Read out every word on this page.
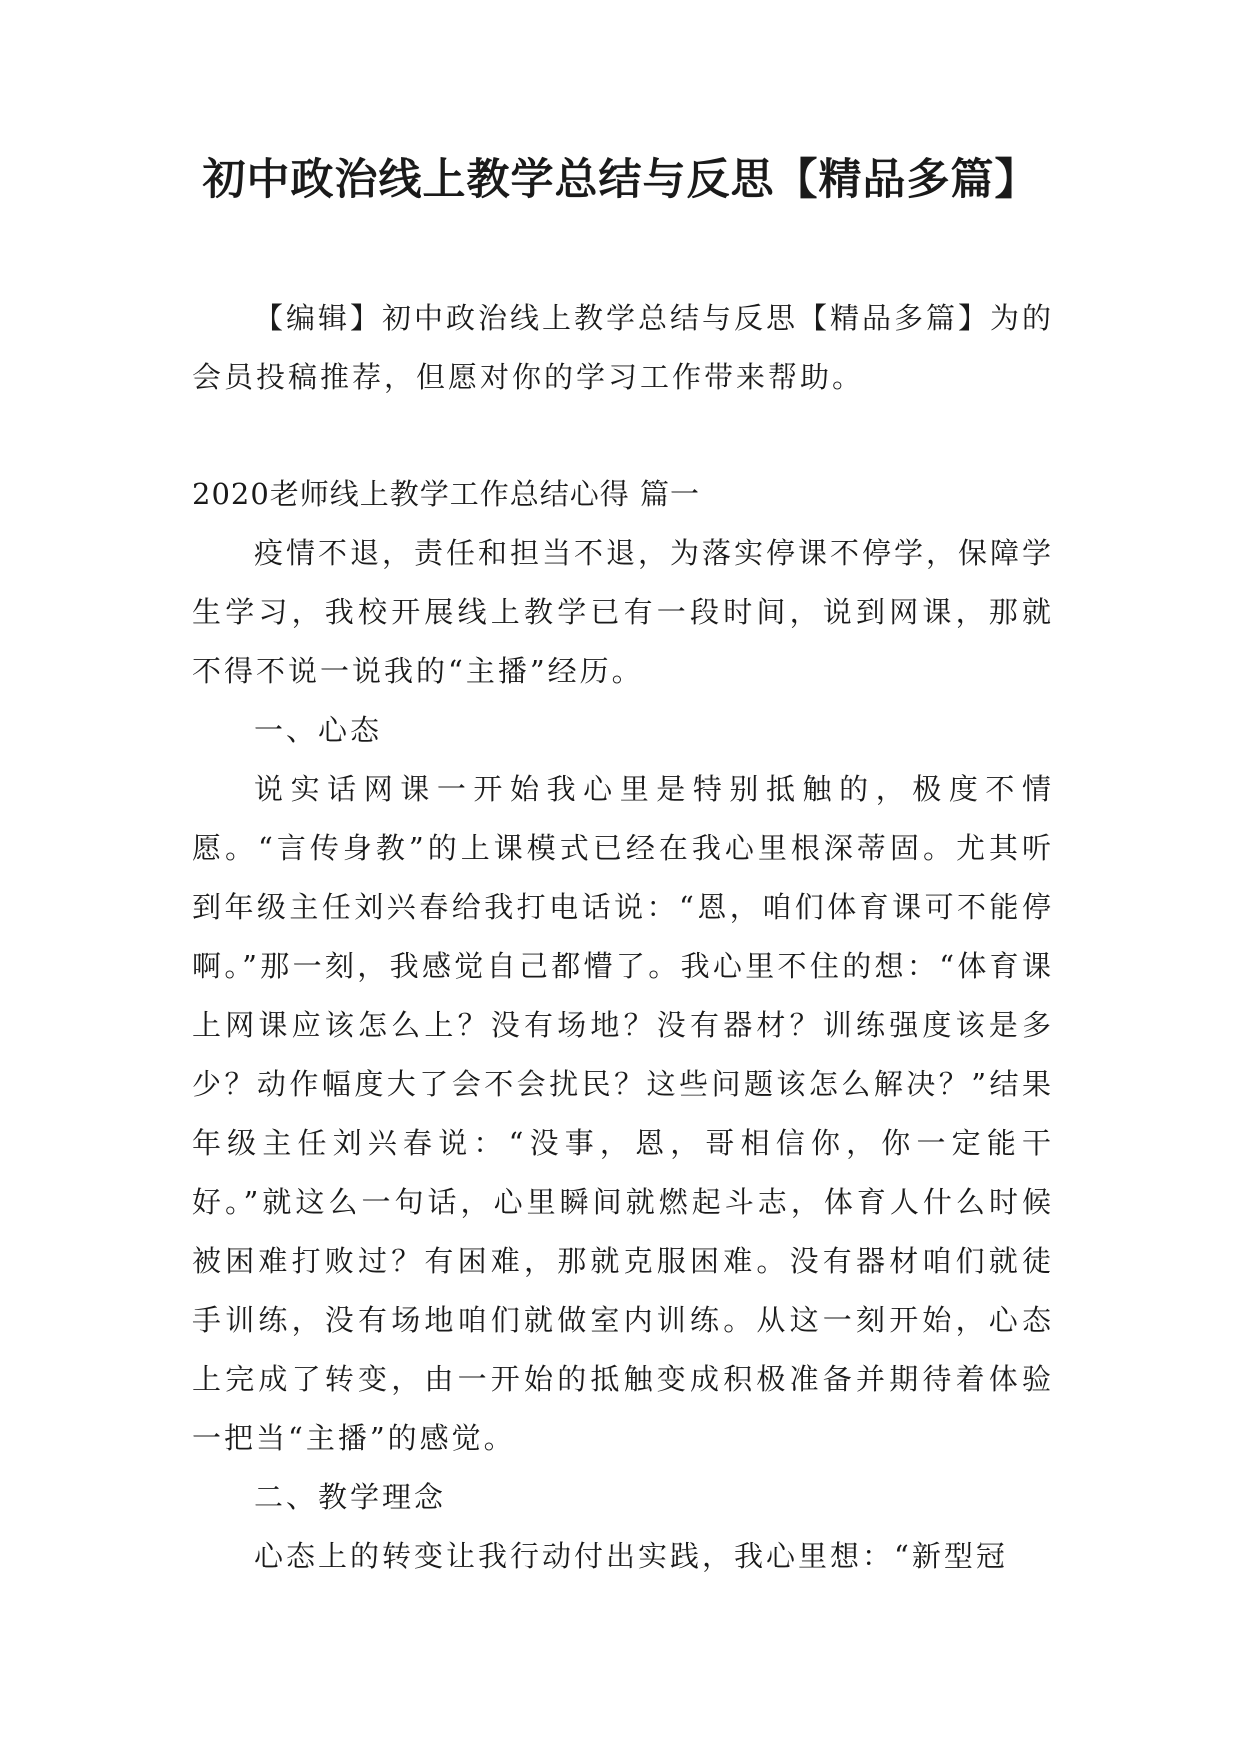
初中政治线上教学总结与反思【精品多篇】

【编辑】初中政治线上教学总结与反思【精品多篇】为的会员投稿推荐，但愿对你的学习工作带来帮助。

2020老师线上教学工作总结心得 篇一

疫情不退，责任和担当不退，为落实停课不停学，保障学生学习，我校开展线上教学已有一段时间，说到网课，那就不得不说一说我的“主播”经历。

一、心态

说实话网课一开始我心里是特别抵触的，极度不情愿。“言传身教”的上课模式已经在我心里根深蒂固。尤其听到年级主任刘兴春给我打电话说：“恩，咱们体育课可不能停啊。”那一刻，我感觉自己都懵了。我心里不住的想：“体育课上网课应该怎么上？没有场地？没有器材？训练强度该是多少？动作幅度大了会不会扰民？这些问题该怎么解决？”结果年级主任刘兴春说：“没事，恩，哥相信你，你一定能干好。”就这么一句话，心里瞬间就燃起斗志，体育人什么时候被困难打败过？有困难，那就克服困难。没有器材咱们就徒手训练，没有场地咱们就做室内训练。从这一刻开始，心态上完成了转变，由一开始的抵触变成积极准备并期待着体验一把当“主播”的感觉。

二、教学理念

心态上的转变让我行动付出实践，我心里想：“新型冠
